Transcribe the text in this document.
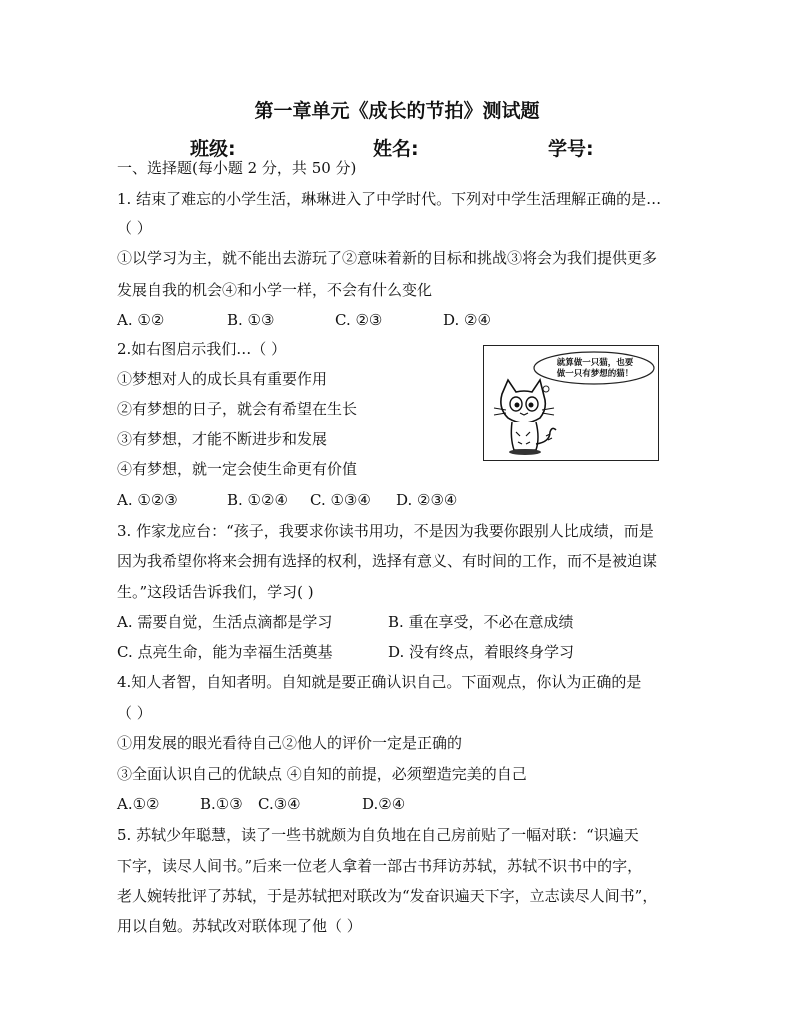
第一章单元《成长的节拍》测试题
班级:	姓名:	学号:
一、选择题(每小题 2 分，共 50 分)
1. 结束了难忘的小学生活，琳琳进入了中学时代。下列对中学生活理解正确的是…
（ ）
①以学习为主，就不能出去游玩了②意味着新的目标和挑战③将会为我们提供更多
发展自我的机会④和小学一样，不会有什么变化
A. ①②	B. ①③	C. ②③	D. ②④
2.如右图启示我们…（ ）
①梦想对人的成长具有重要作用
②有梦想的日子，就会有希望在生长
③有梦想，才能不断进步和发展
④有梦想，就一定会使生命更有价值
A. ①②③	B. ①②④ C. ①③④ D. ②③④
就算做一只猫，也要
做一只有梦想的猫！
3. 作家龙应台：“孩子，我要求你读书用功，不是因为我要你跟别人比成绩，而是
因为我希望你将来会拥有选择的权利，选择有意义、有时间的工作，而不是被迫谋
生。”这段话告诉我们，学习( )
A. 需要自觉，生活点滴都是学习	B. 重在享受，不必在意成绩
C. 点亮生命，能为幸福生活奠基	D. 没有终点，着眼终身学习
4.知人者智，自知者明。自知就是要正确认识自己。下面观点，你认为正确的是
（ ）
①用发展的眼光看待自己②他人的评价一定是正确的
③全面认识自己的优缺点 ④自知的前提，必须塑造完美的自己
A.①②	B.①③ C.③④	D.②④
5. 苏轼少年聪慧，读了一些书就颇为自负地在自己房前贴了一幅对联：“识遍天
下字，读尽人间书。”后来一位老人拿着一部古书拜访苏轼，苏轼不识书中的字，
老人婉转批评了苏轼，于是苏轼把对联改为“发奋识遍天下字，立志读尽人间书”，
用以自勉。苏轼改对联体现了他（ ）
